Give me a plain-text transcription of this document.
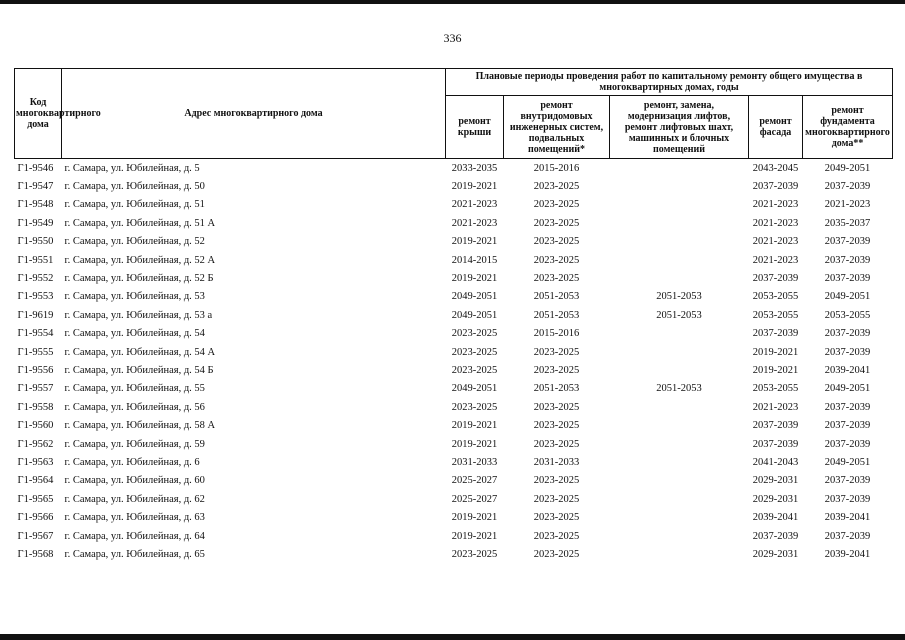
336
Код многоквартирного дома	Адрес многоквартирного дома	Плановые периоды проведения работ по капитальному ремонту общего имущества в многоквартирных домах, годы				
		ремонт крыши	ремонт внутридомовых инженерных систем, подвальных помещений*	ремонт, замена, модернизация лифтов, ремонт лифтовых шахт, машинных и блочных помещений	ремонт фасада	ремонт фундамента многоквартирного дома**
Г1-9546	г. Самара, ул. Юбилейная, д. 5	2033-2035	2015-2016		2043-2045	2049-2051
Г1-9547	г. Самара, ул. Юбилейная, д. 50	2019-2021	2023-2025		2037-2039	2037-2039
Г1-9548	г. Самара, ул. Юбилейная, д. 51	2021-2023	2023-2025		2021-2023	2021-2023
Г1-9549	г. Самара, ул. Юбилейная, д. 51 А	2021-2023	2023-2025		2021-2023	2035-2037
Г1-9550	г. Самара, ул. Юбилейная, д. 52	2019-2021	2023-2025		2021-2023	2037-2039
Г1-9551	г. Самара, ул. Юбилейная, д. 52 А	2014-2015	2023-2025		2021-2023	2037-2039
Г1-9552	г. Самара, ул. Юбилейная, д. 52 Б	2019-2021	2023-2025		2037-2039	2037-2039
Г1-9553	г. Самара, ул. Юбилейная, д. 53	2049-2051	2051-2053	2051-2053	2053-2055	2049-2051
Г1-9619	г. Самара, ул. Юбилейная, д. 53 а	2049-2051	2051-2053	2051-2053	2053-2055	2053-2055
Г1-9554	г. Самара, ул. Юбилейная, д. 54	2023-2025	2015-2016		2037-2039	2037-2039
Г1-9555	г. Самара, ул. Юбилейная, д. 54 А	2023-2025	2023-2025		2019-2021	2037-2039
Г1-9556	г. Самара, ул. Юбилейная, д. 54 Б	2023-2025	2023-2025		2019-2021	2039-2041
Г1-9557	г. Самара, ул. Юбилейная, д. 55	2049-2051	2051-2053	2051-2053	2053-2055	2049-2051
Г1-9558	г. Самара, ул. Юбилейная, д. 56	2023-2025	2023-2025		2021-2023	2037-2039
Г1-9560	г. Самара, ул. Юбилейная, д. 58 А	2019-2021	2023-2025		2037-2039	2037-2039
Г1-9562	г. Самара, ул. Юбилейная, д. 59	2019-2021	2023-2025		2037-2039	2037-2039
Г1-9563	г. Самара, ул. Юбилейная, д. 6	2031-2033	2031-2033		2041-2043	2049-2051
Г1-9564	г. Самара, ул. Юбилейная, д. 60	2025-2027	2023-2025		2029-2031	2037-2039
Г1-9565	г. Самара, ул. Юбилейная, д. 62	2025-2027	2023-2025		2029-2031	2037-2039
Г1-9566	г. Самара, ул. Юбилейная, д. 63	2019-2021	2023-2025		2039-2041	2039-2041
Г1-9567	г. Самара, ул. Юбилейная, д. 64	2019-2021	2023-2025		2037-2039	2037-2039
Г1-9568	г. Самара, ул. Юбилейная, д. 65	2023-2025	2023-2025		2029-2031	2039-2041
